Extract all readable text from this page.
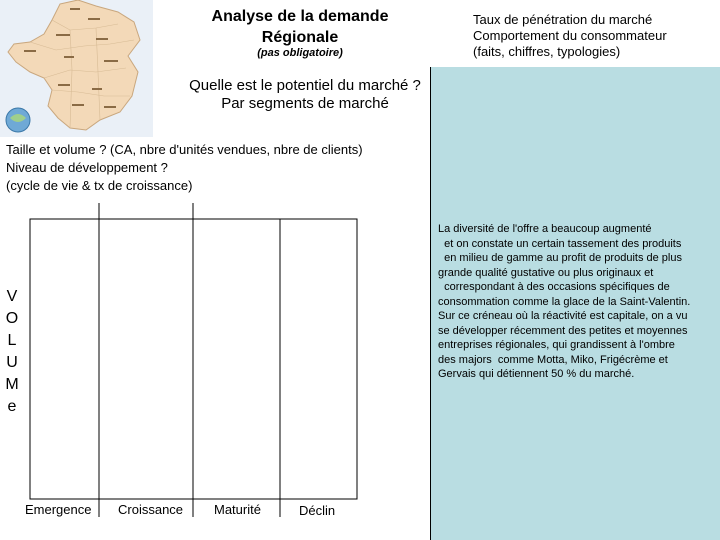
Analyse de la demande
Régionale
(pas obligatoire)
Taux de pénétration du marché
Comportement du consommateur
(faits, chiffres, typologies)
Quelle est le potentiel du marché ?
Par segments de marché
Taille et volume ? (CA, nbre d'unités vendues, nbre de clients)
Niveau de développement ?
(cycle de vie & tx de croissance)
V
O
L
U
M
e
Emergence Croissance Maturité	Déclin
La diversité de l'offre a beaucoup augmenté
et on constate un certain tassement des produits
en milieu de gamme au profit de produits de plus
grande qualité gustative ou plus originaux et
correspondant à des occasions spécifiques de
consommation comme la glace de la Saint-Valentin.
Sur ce créneau où la réactivité est capitale, on a vu
se développer récemment des petites et moyennes
entreprises régionales, qui grandissent à l'ombre
des majors  comme Motta, Miko, Frigécrème et
Gervais qui détiennent 50 % du marché.
